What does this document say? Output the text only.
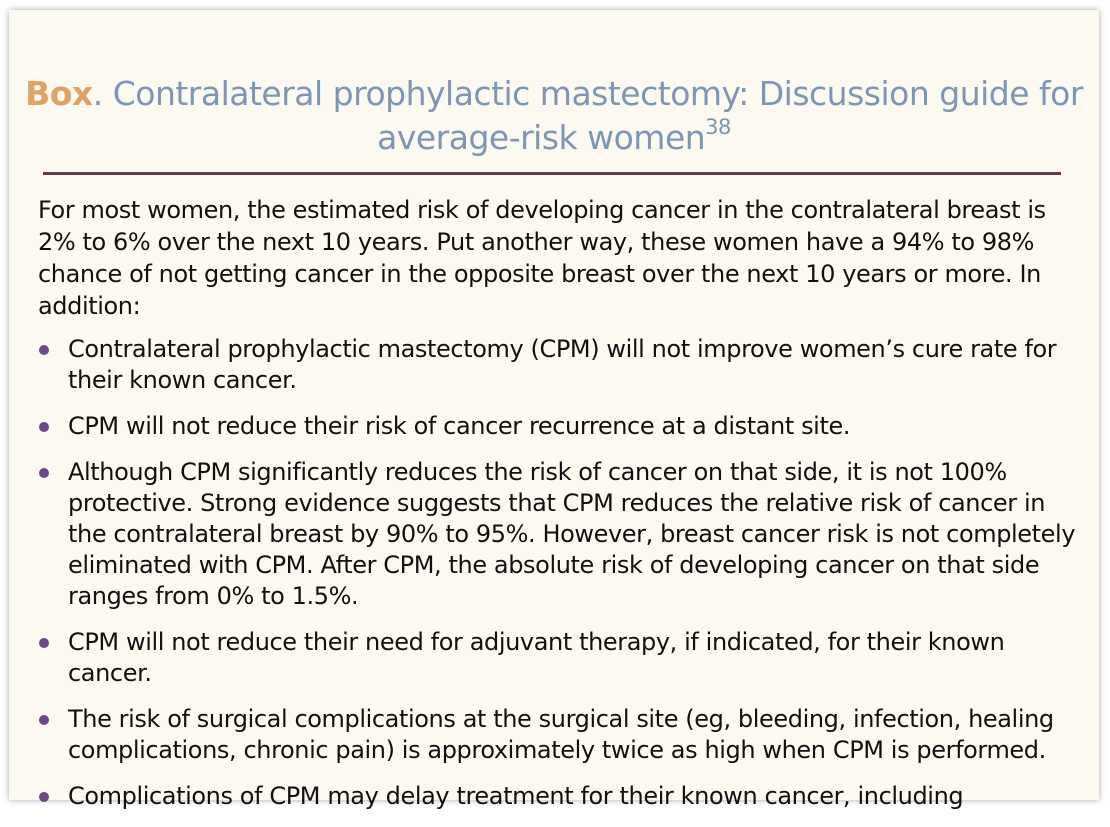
Box. Contralateral prophylactic mastectomy: Discussion guide for average-risk women$^{38}$

For most women, the estimated risk of developing cancer in the contralateral breast is 2% to 6% over the next 10 years. Put another way, these women have a 94% to 98% chance of not getting cancer in the opposite breast over the next 10 years or more. In addition:

Contralateral prophylactic mastectomy (CPM) will not improve women’s cure rate for their known cancer.
CPM will not reduce their risk of cancer recurrence at a distant site.
Although CPM significantly reduces the risk of cancer on that side, it is not 100% protective. Strong evidence suggests that CPM reduces the relative risk of cancer in the contralateral breast by 90% to 95%. However, breast cancer risk is not completely eliminated with CPM. After CPM, the absolute risk of developing cancer on that side ranges from 0% to 1.5%.
CPM will not reduce their need for adjuvant therapy, if indicated, for their known cancer.
The risk of surgical complications at the surgical site (eg, bleeding, infection, healing complications, chronic pain) is approximately twice as high when CPM is performed.
Complications of CPM may delay treatment for their known cancer, including
